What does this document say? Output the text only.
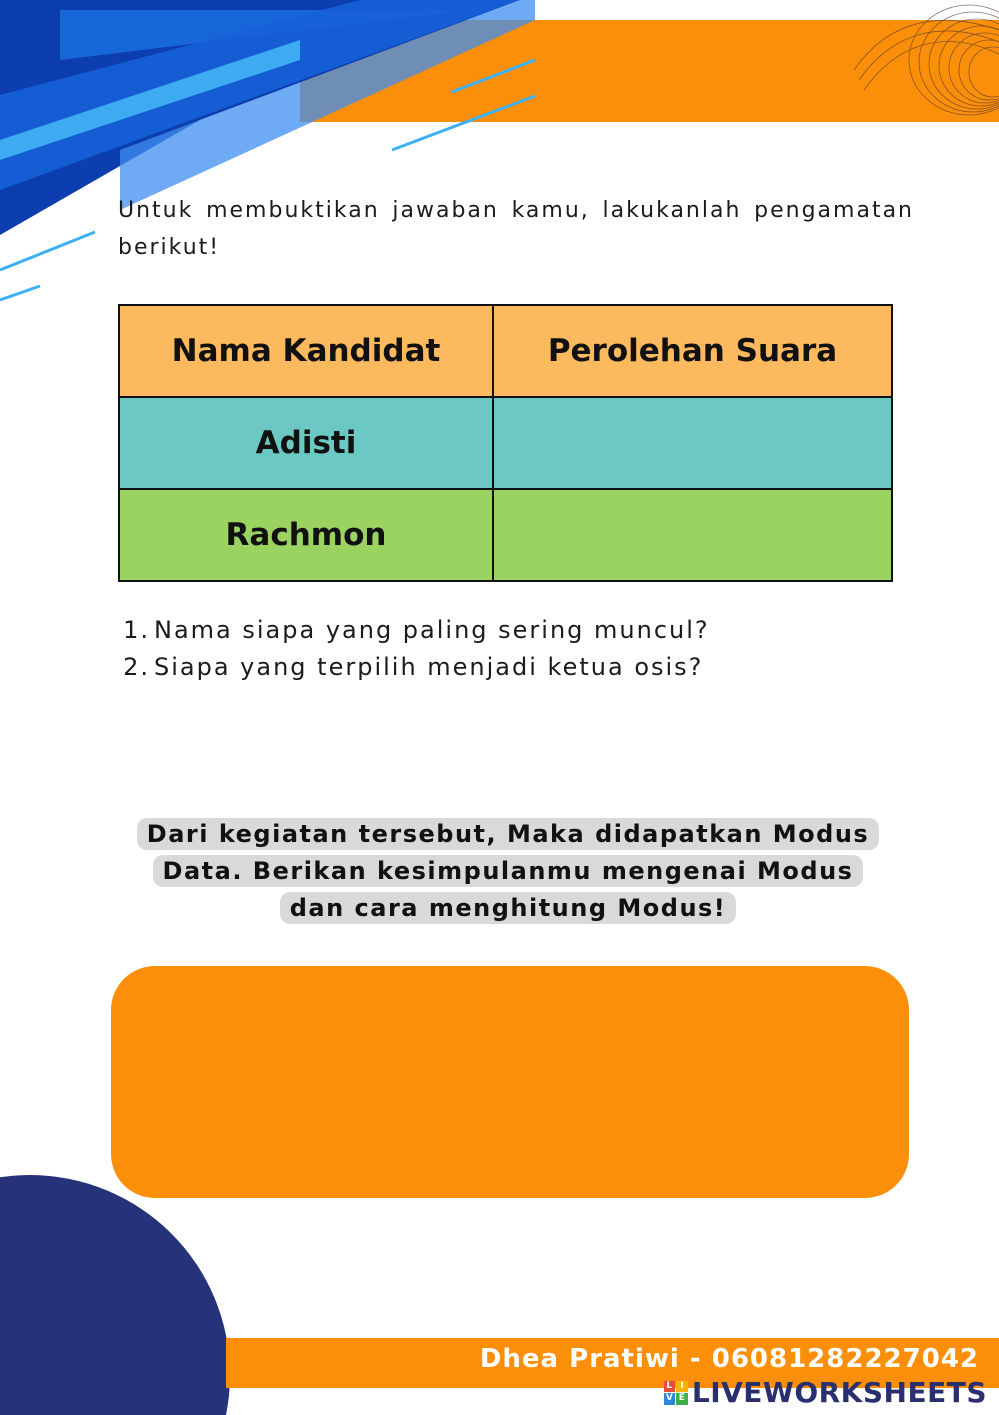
Untuk membuktikan jawaban kamu, lakukanlah pengamatan berikut!

Nama Kandidat	Perolehan Suara
Adisti	
Rachmon	
1. Nama siapa yang paling sering muncul?
2. Siapa yang terpilih menjadi ketua osis?

Dari kegiatan tersebut, Maka didapatkan Modus
Data. Berikan kesimpulanmu mengenai Modus
dan cara menghitung Modus!

Dhea Pratiwi - 06081282227042
L I
V E LIVEWORKSHEETS
